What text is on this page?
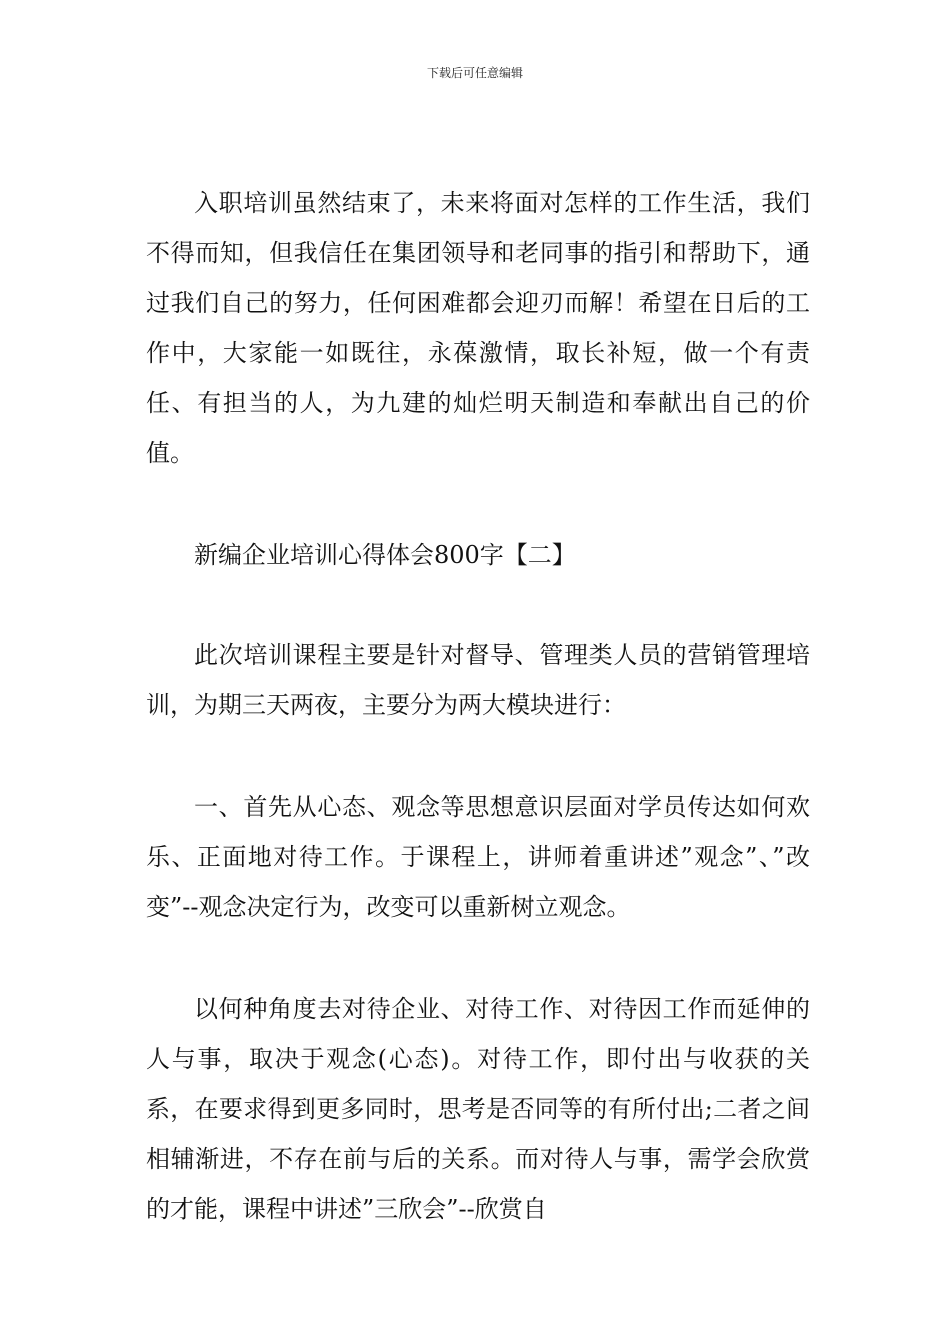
下载后可任意编辑

入职培训虽然结束了，未来将面对怎样的工作生活，我们不得而知，但我信任在集团领导和老同事的指引和帮助下，通过我们自己的努力，任何困难都会迎刃而解！希望在日后的工作中，大家能一如既往，永葆激情，取长补短，做一个有责任、有担当的人，为九建的灿烂明天制造和奉献出自己的价值。

新编企业培训心得体会800字【二】

此次培训课程主要是针对督导、管理类人员的营销管理培训，为期三天两夜，主要分为两大模块进行：

一、首先从心态、观念等思想意识层面对学员传达如何欢乐、正面地对待工作。于课程上，讲师着重讲述”观念”、”改变”--观念决定行为，改变可以重新树立观念。

以何种角度去对待企业、对待工作、对待因工作而延伸的人与事，取决于观念(心态)。对待工作，即付出与收获的关系，在要求得到更多同时，思考是否同等的有所付出;二者之间相辅渐进，不存在前与后的关系。而对待人与事，需学会欣赏的才能，课程中讲述”三欣会”--欣赏自
